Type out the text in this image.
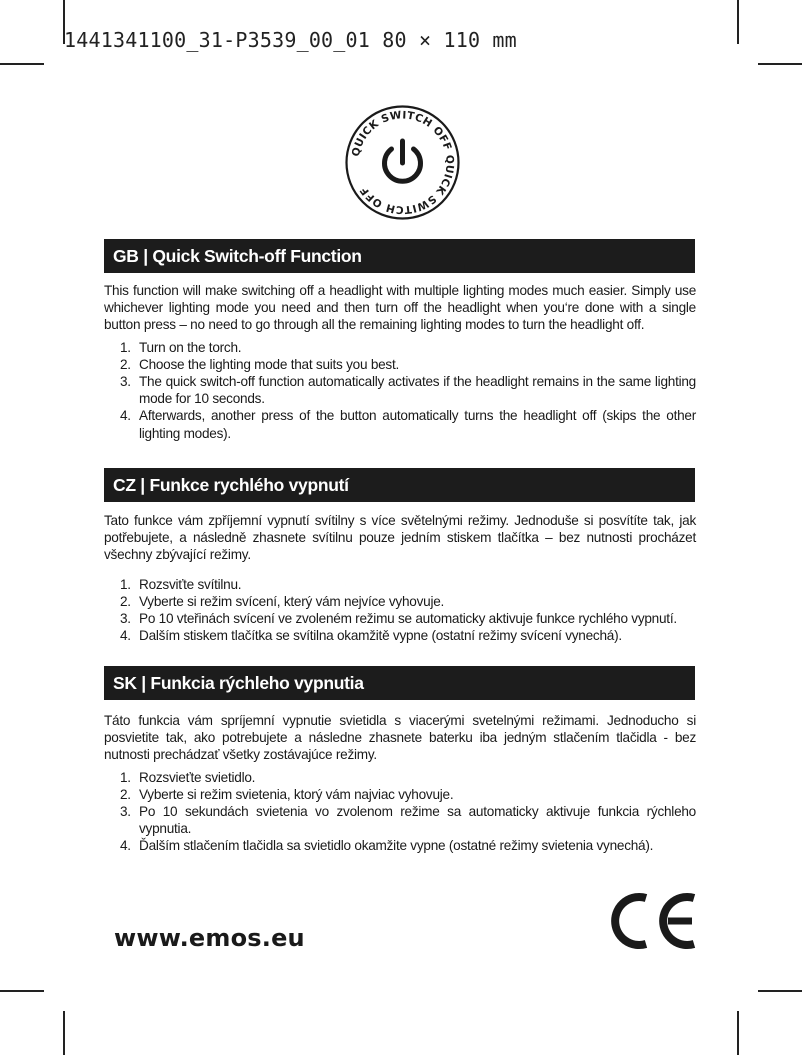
1441341100_31-P3539_00_01 80 × 110 mm
QUICK SWITCH OFF QUICK SWITCH OFF
GB | Quick Switch-off Function

This function will make switching off a headlight with multiple lighting modes much easier. Simply use whichever lighting mode you need and then turn off the headlight when you‘re done with a single button press – no need to go through all the remaining lighting modes to turn the headlight off.

1. Turn on the torch.
2. Choose the lighting mode that suits you best.
3. The quick switch-off function automatically activates if the headlight remains in the same lighting mode for 10 seconds.
4. Afterwards, another press of the button automatically turns the headlight off (skips the other lighting modes).
CZ | Funkce rychlého vypnutí

Tato funkce vám zpříjemní vypnutí svítilny s více světelnými režimy. Jednoduše si posvítíte tak, jak potřebujete, a následně zhasnete svítilnu pouze jedním stiskem tlačítka – bez nutnosti procházet všechny zbývající režimy.

1. Rozsviťte svítilnu.
2. Vyberte si režim svícení, který vám nejvíce vyhovuje.
3. Po 10 vteřinách svícení ve zvoleném režimu se automaticky aktivuje funkce rychlého vypnutí.
4. Dalším stiskem tlačítka se svítilna okamžitě vypne (ostatní režimy svícení vynechá).
SK | Funkcia rýchleho vypnutia

Táto funkcia vám spríjemní vypnutie svietidla s viacerými svetelnými režimami. Jednoducho si posvietite tak, ako potrebujete a následne zhasnete baterku iba jedným stlačením tlačidla - bez nutnosti prechádzať všetky zostávajúce režimy.

1. Rozsvieťte svietidlo.
2. Vyberte si režim svietenia, ktorý vám najviac vyhovuje.
3. Po 10 sekundách svietenia vo zvolenom režime sa automaticky aktivuje funkcia rýchleho vypnutia.
4. Ďalším stlačením tlačidla sa svietidlo okamžite vypne (ostatné režimy svietenia vynechá).
www.emos.eu
